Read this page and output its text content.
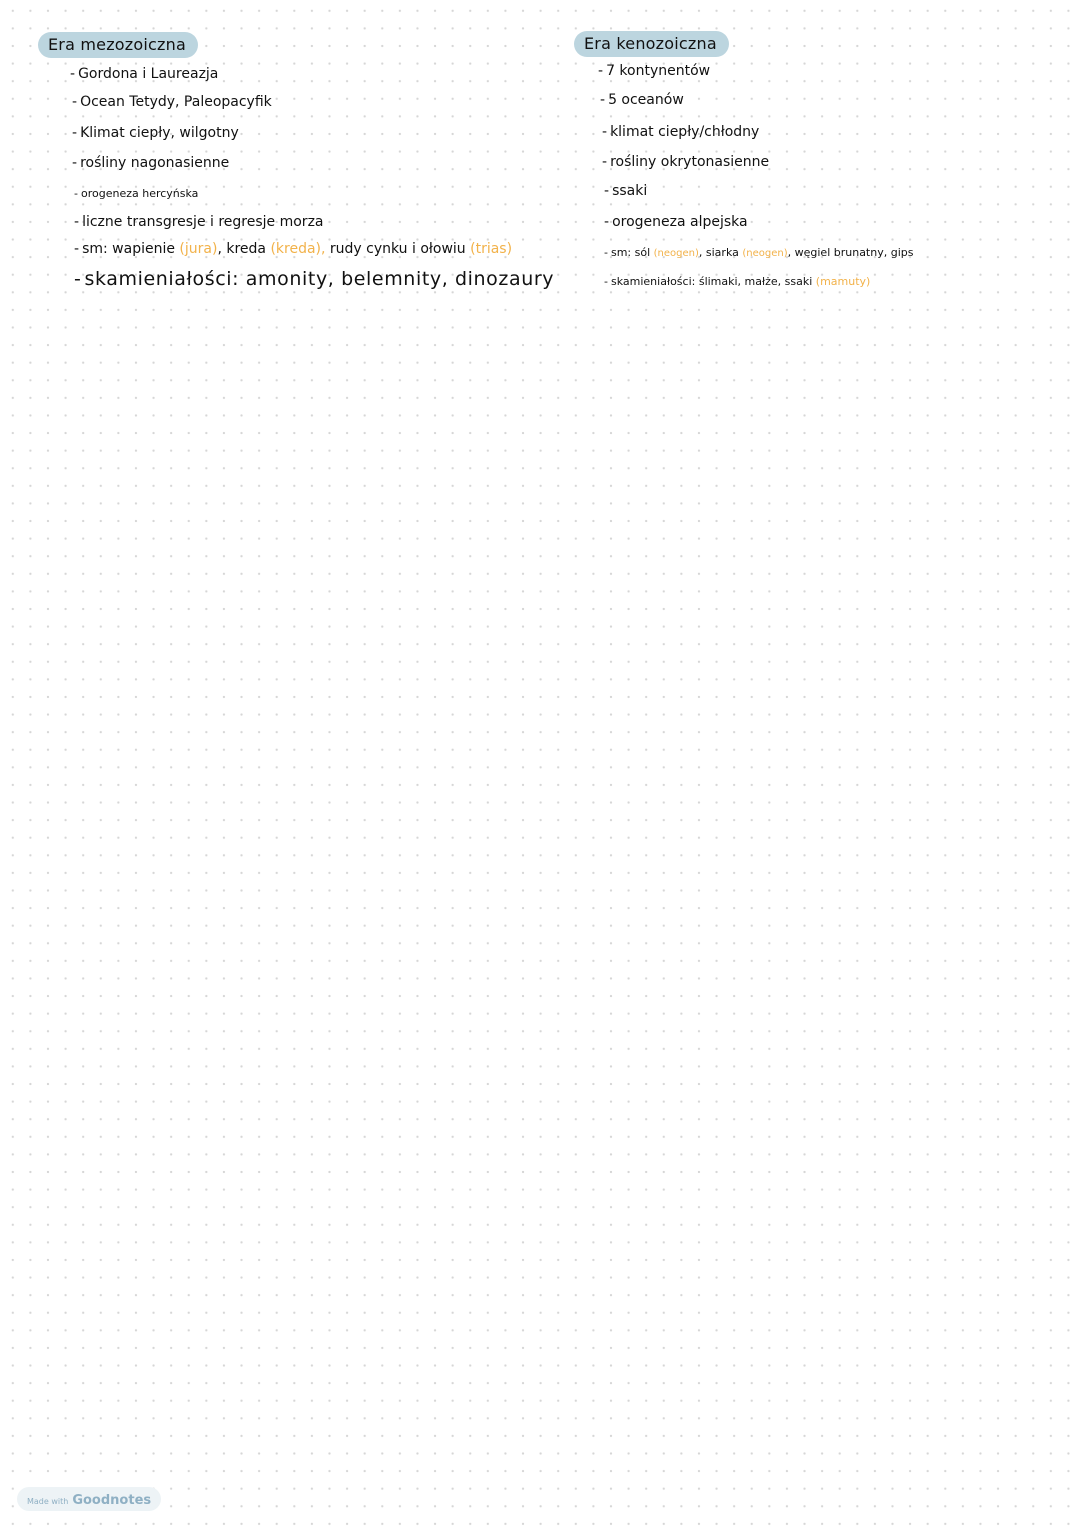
Era mezozoiczna
- Gordona i Laureazja
- Ocean Tetydy, Paleopacyfik
- Klimat ciepły, wilgotny
- rośliny nagonasienne
- orogeneza hercyńska
- liczne transgresje i regresje morza
- sm: wapienie (jura), kreda (kreda), rudy cynku i ołowiu (trias)
- skamieniałości: amonity, belemnity, dinozaury
Era kenozoiczna
- 7 kontynentów
- 5 oceanów
- klimat ciepły/chłodny
- rośliny okrytonasienne
- ssaki
- orogeneza alpejska
- sm: sól (neogen), siarka (neogen), węgiel brunatny, gips
- skamieniałości: ślimaki, małże, ssaki (mamuty)
Made with Goodnotes
